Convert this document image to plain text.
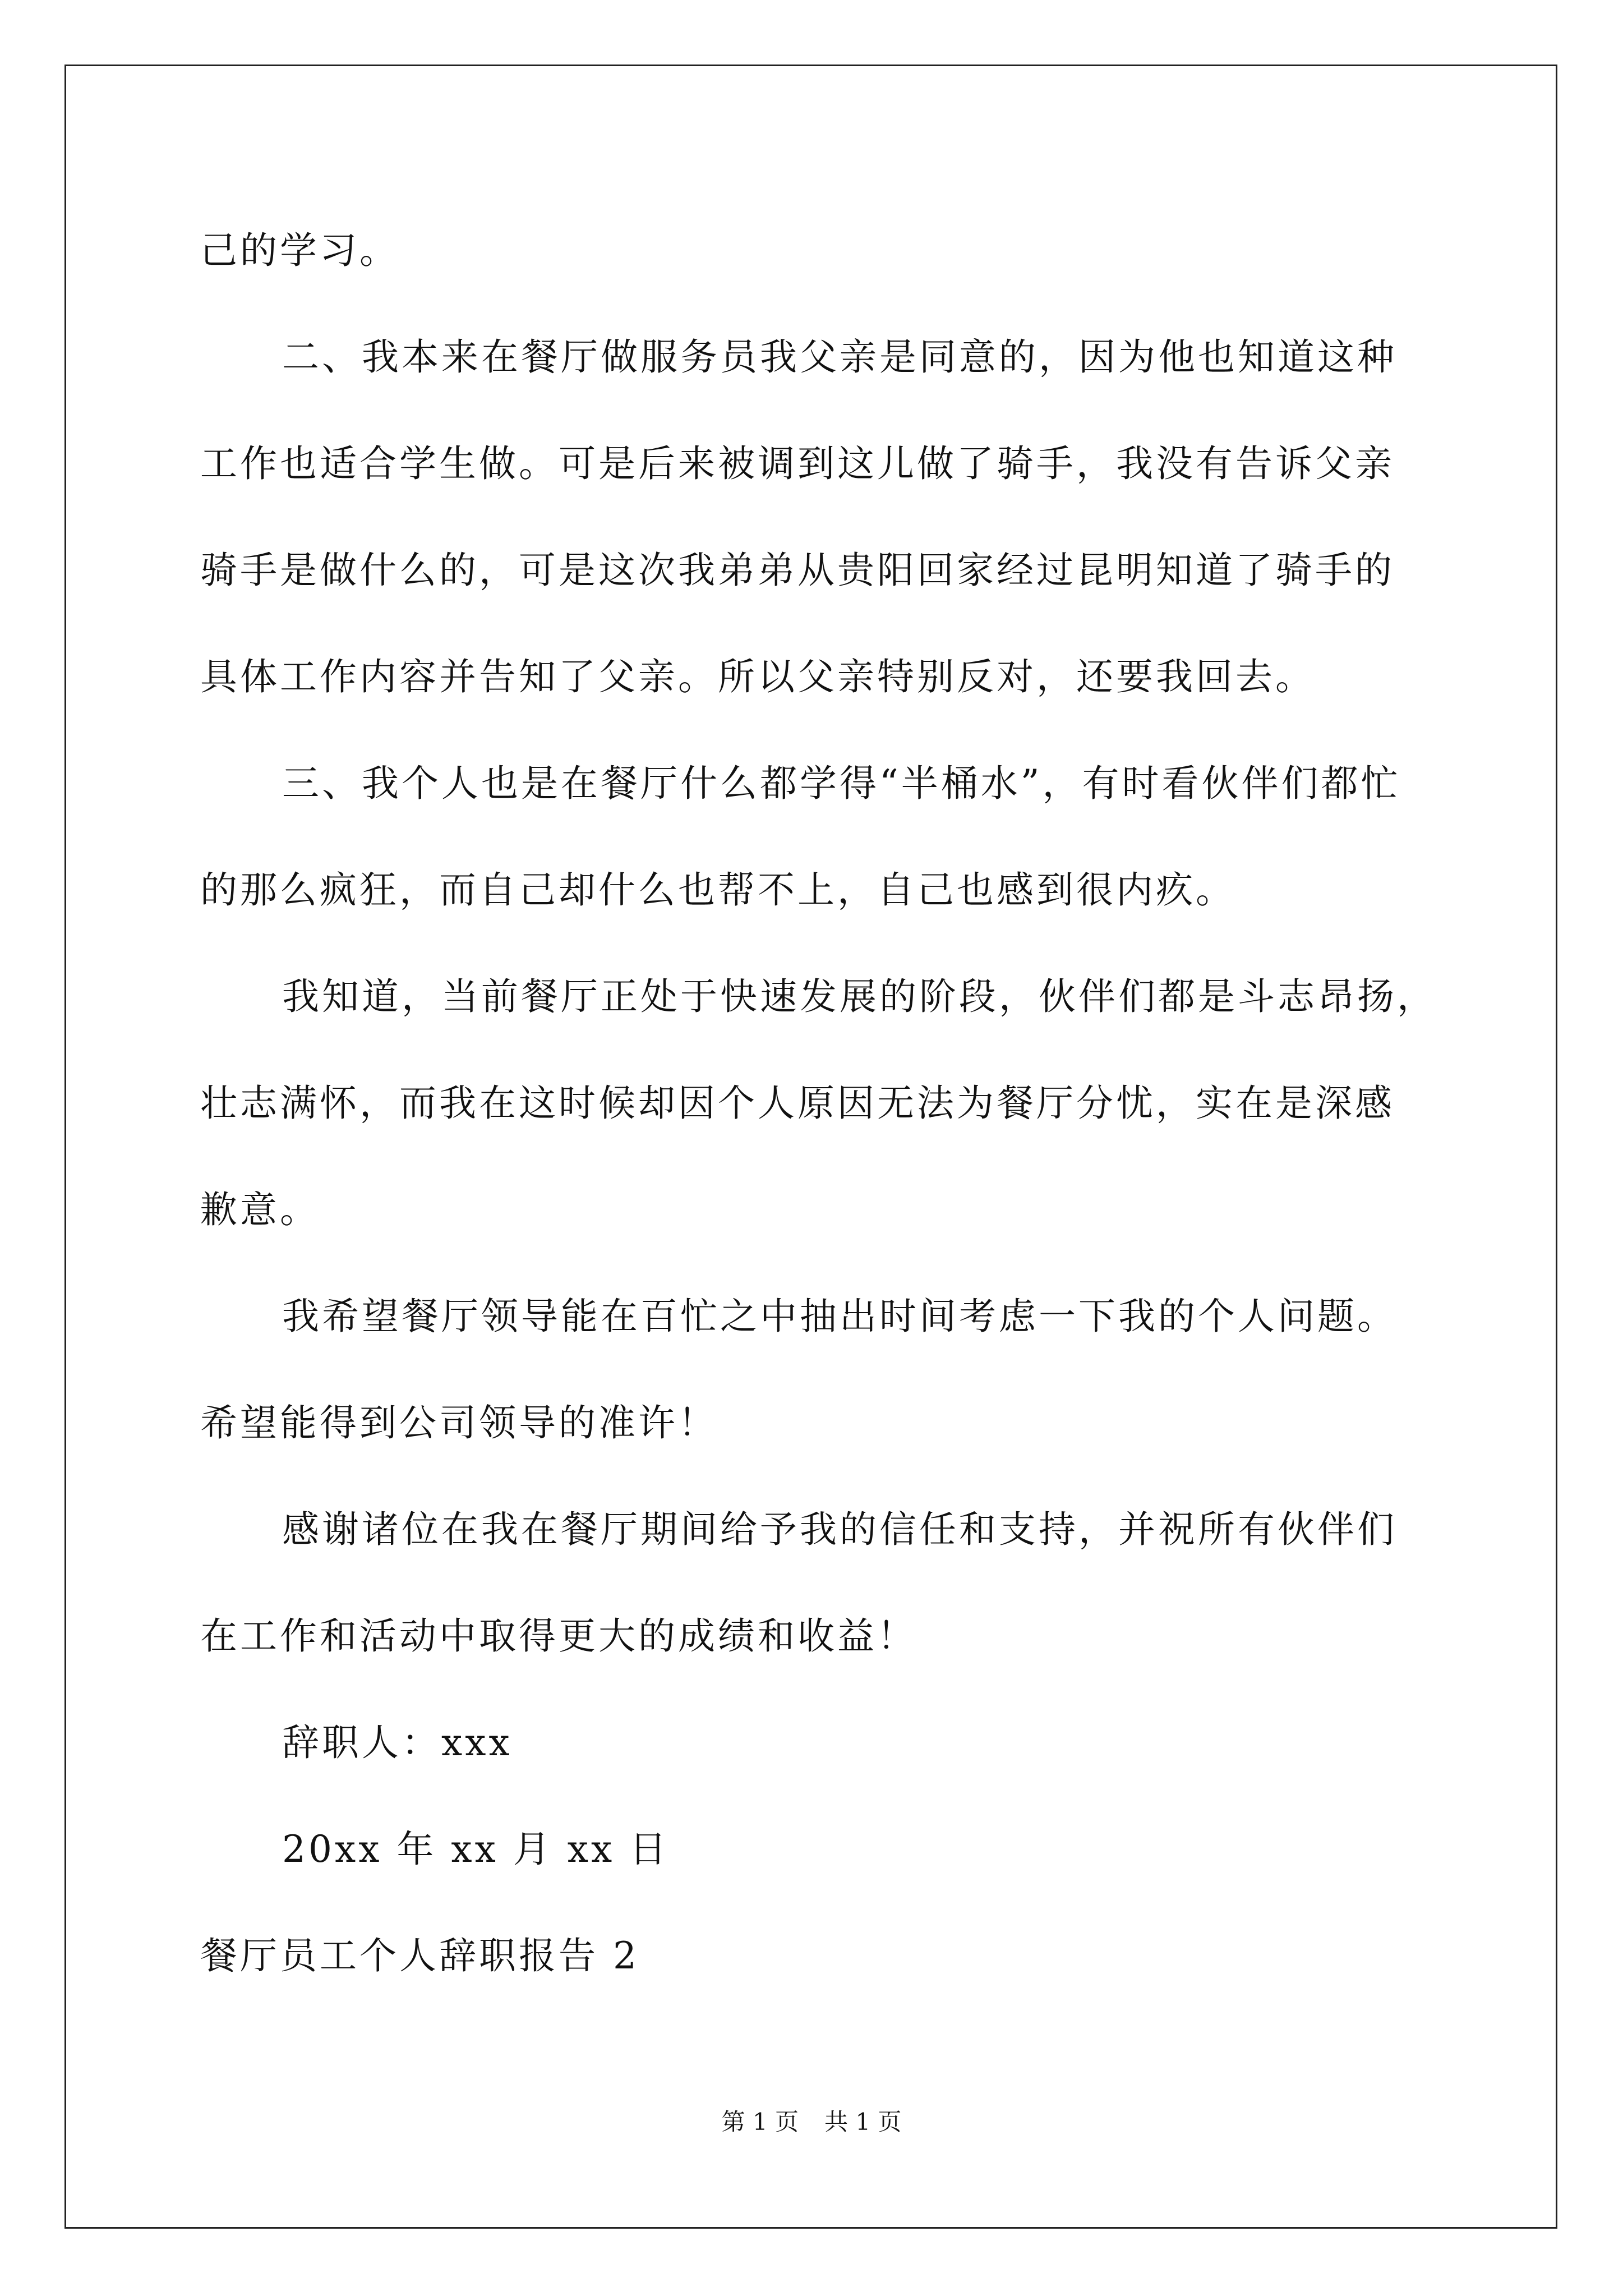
己的学习。
二、我本来在餐厅做服务员我父亲是同意的，因为他也知道这种
工作也适合学生做。可是后来被调到这儿做了骑手，我没有告诉父亲
骑手是做什么的，可是这次我弟弟从贵阳回家经过昆明知道了骑手的
具体工作内容并告知了父亲。所以父亲特别反对，还要我回去。
三、我个人也是在餐厅什么都学得“半桶水”，有时看伙伴们都忙
的那么疯狂，而自己却什么也帮不上，自己也感到很内疚。
我知道，当前餐厅正处于快速发展的阶段，伙伴们都是斗志昂扬，
壮志满怀，而我在这时候却因个人原因无法为餐厅分忧，实在是深感
歉意。
我希望餐厅领导能在百忙之中抽出时间考虑一下我的个人问题。
希望能得到公司领导的准许！
感谢诸位在我在餐厅期间给予我的信任和支持，并祝所有伙伴们
在工作和活动中取得更大的成绩和收益！
辞职人：xxx
20xx 年 xx 月 xx 日
餐厅员工个人辞职报告 2
第 1 页 共 1 页
